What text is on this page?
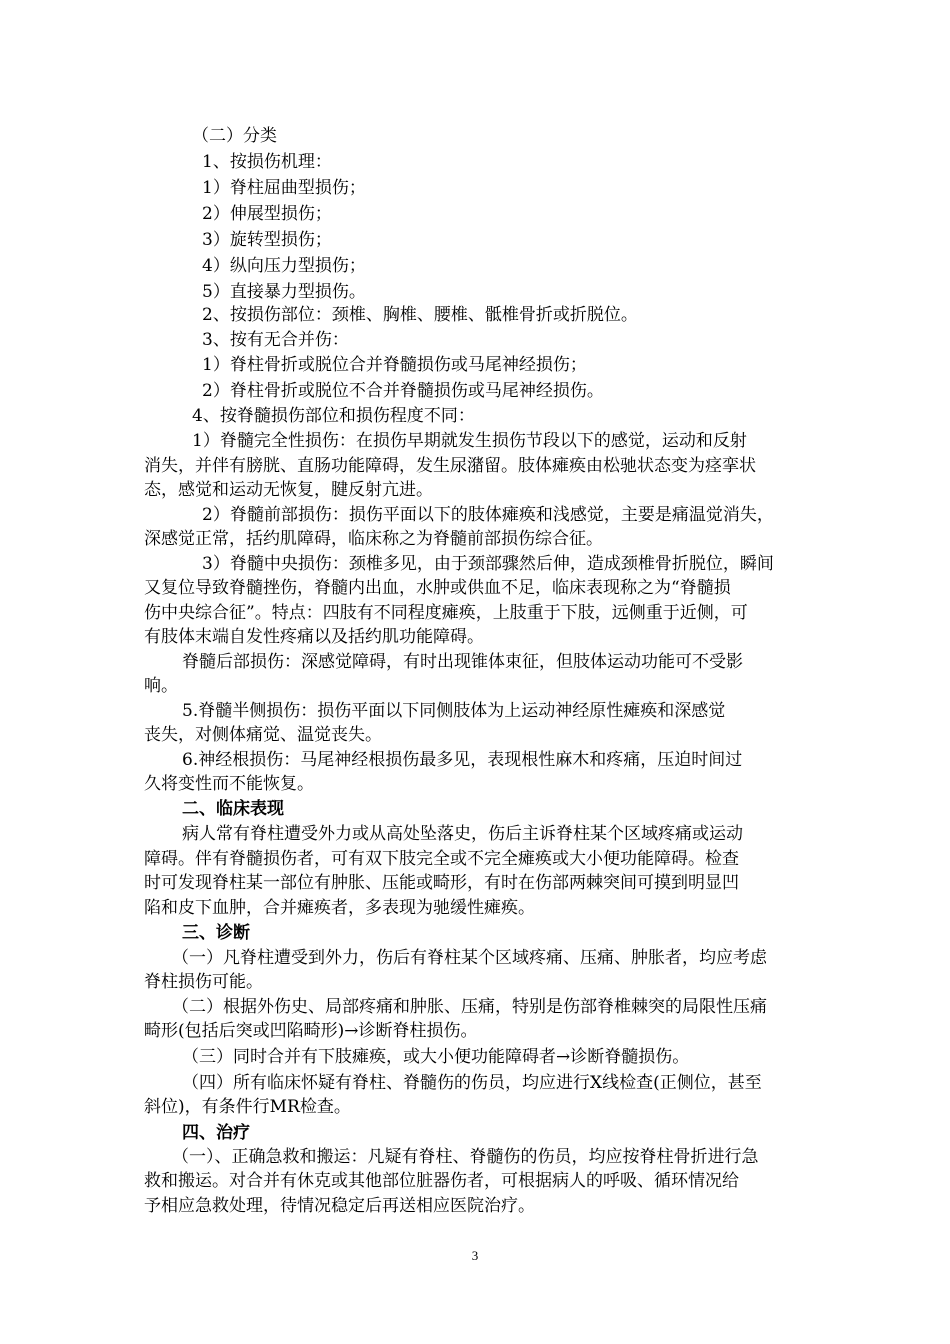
（二）分类
1、按损伤机理：
1）脊柱屈曲型损伤；
2）伸展型损伤；
3）旋转型损伤；
4）纵向压力型损伤；
5）直接暴力型损伤。
2、按损伤部位：颈椎、胸椎、腰椎、骶椎骨折或折脱位。
3、按有无合并伤：
1）脊柱骨折或脱位合并脊髓损伤或马尾神经损伤；
2）脊柱骨折或脱位不合并脊髓损伤或马尾神经损伤。
4、按脊髓损伤部位和损伤程度不同：
1）脊髓完全性损伤：在损伤早期就发生损伤节段以下的感觉，运动和反射
消失，并伴有膀胱、直肠功能障碍，发生尿潴留。肢体瘫痪由松驰状态变为痉挛状
态，感觉和运动无恢复，腱反射亢进。
2）脊髓前部损伤：损伤平面以下的肢体瘫痪和浅感觉，主要是痛温觉消失，
深感觉正常，括约肌障碍，临床称之为脊髓前部损伤综合征。
3）脊髓中央损伤：颈椎多见，由于颈部骤然后伸，造成颈椎骨折脱位，瞬间
又复位导致脊髓挫伤，脊髓内出血，水肿或供血不足，临床表现称之为“脊髓损
伤中央综合征”。特点：四肢有不同程度瘫痪，上肢重于下肢，远侧重于近侧，可
有肢体末端自发性疼痛以及括约肌功能障碍。
脊髓后部损伤：深感觉障碍，有时出现锥体束征，但肢体运动功能可不受影
响。
5.脊髓半侧损伤：损伤平面以下同侧肢体为上运动神经原性瘫痪和深感觉
丧失，对侧体痛觉、温觉丧失。
6.神经根损伤：马尾神经根损伤最多见，表现根性麻木和疼痛，压迫时间过
久将变性而不能恢复。
二、临床表现
病人常有脊柱遭受外力或从高处坠落史，伤后主诉脊柱某个区域疼痛或运动
障碍。伴有脊髓损伤者，可有双下肢完全或不完全瘫痪或大小便功能障碍。检查
时可发现脊柱某一部位有肿胀、压能或畸形，有时在伤部两棘突间可摸到明显凹
陷和皮下血肿，合并瘫痪者，多表现为驰缓性瘫痪。
三、诊断
（一）凡脊柱遭受到外力，伤后有脊柱某个区域疼痛、压痛、肿胀者，均应考虑
脊柱损伤可能。
（二）根据外伤史、局部疼痛和肿胀、压痛，特别是伤部脊椎棘突的局限性压痛
畸形(包括后突或凹陷畸形)→诊断脊柱损伤。
（三）同时合并有下肢瘫痪，或大小便功能障碍者→诊断脊髓损伤。
（四）所有临床怀疑有脊柱、脊髓伤的伤员，均应进行X线检查(正侧位，甚至
斜位)，有条件行MR检查。
四、治疗
（一）、正确急救和搬运：凡疑有脊柱、脊髓伤的伤员，均应按脊柱骨折进行急
救和搬运。对合并有休克或其他部位脏器伤者，可根据病人的呼吸、循环情况给
予相应急救处理，待情况稳定后再送相应医院治疗。
3
